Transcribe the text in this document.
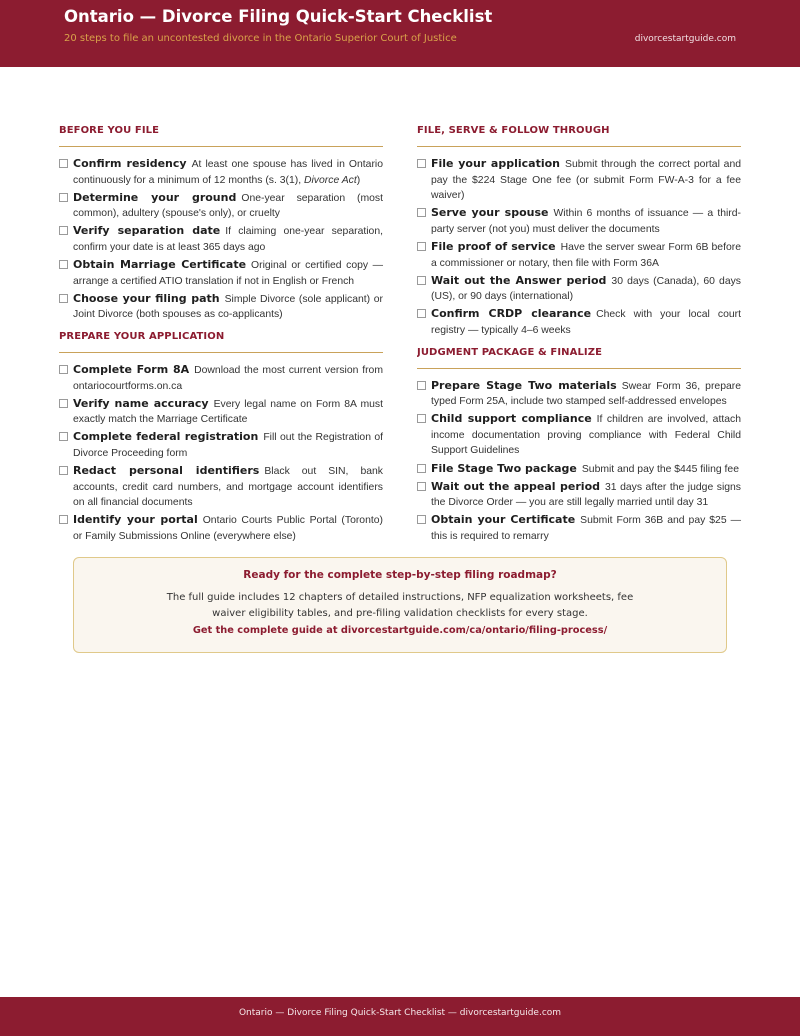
Ontario — Divorce Filing Quick-Start Checklist
20 steps to file an uncontested divorce in the Ontario Superior Court of Justice	divorcestartguide.com
BEFORE YOU FILE
Confirm residency At least one spouse has lived in Ontario continuously for a minimum of 12 months (s. 3(1), Divorce Act)
Determine your ground One-year separation (most common), adultery (spouse's only), or cruelty
Verify separation date If claiming one-year separation, confirm your date is at least 365 days ago
Obtain Marriage Certificate Original or certified copy — arrange a certified ATIO translation if not in English or French
Choose your filing path Simple Divorce (sole applicant) or Joint Divorce (both spouses as co-applicants)
PREPARE YOUR APPLICATION
Complete Form 8A Download the most current version from ontariocourtforms.on.ca
Verify name accuracy Every legal name on Form 8A must exactly match the Marriage Certificate
Complete federal registration Fill out the Registration of Divorce Proceeding form
Redact personal identifiers Black out SIN, bank accounts, credit card numbers, and mortgage account identifiers on all financial documents
Identify your portal Ontario Courts Public Portal (Toronto) or Family Submissions Online (everywhere else)
FILE, SERVE & FOLLOW THROUGH
File your application Submit through the correct portal and pay the $224 Stage One fee (or submit Form FW-A-3 for a fee waiver)
Serve your spouse Within 6 months of issuance — a third-party server (not you) must deliver the documents
File proof of service Have the server swear Form 6B before a commissioner or notary, then file with Form 36A
Wait out the Answer period 30 days (Canada), 60 days (US), or 90 days (international)
Confirm CRDP clearance Check with your local court registry — typically 4–6 weeks
JUDGMENT PACKAGE & FINALIZE
Prepare Stage Two materials Swear Form 36, prepare typed Form 25A, include two stamped self-addressed envelopes
Child support compliance If children are involved, attach income documentation proving compliance with Federal Child Support Guidelines
File Stage Two package Submit and pay the $445 filing fee
Wait out the appeal period 31 days after the judge signs the Divorce Order — you are still legally married until day 31
Obtain your Certificate Submit Form 36B and pay $25 — this is required to remarry
Ready for the complete step-by-step filing roadmap?
The full guide includes 12 chapters of detailed instructions, NFP equalization worksheets, fee waiver eligibility tables, and pre-filing validation checklists for every stage.
Get the complete guide at divorcestartguide.com/ca/ontario/filing-process/
Ontario — Divorce Filing Quick-Start Checklist — divorcestartguide.com
